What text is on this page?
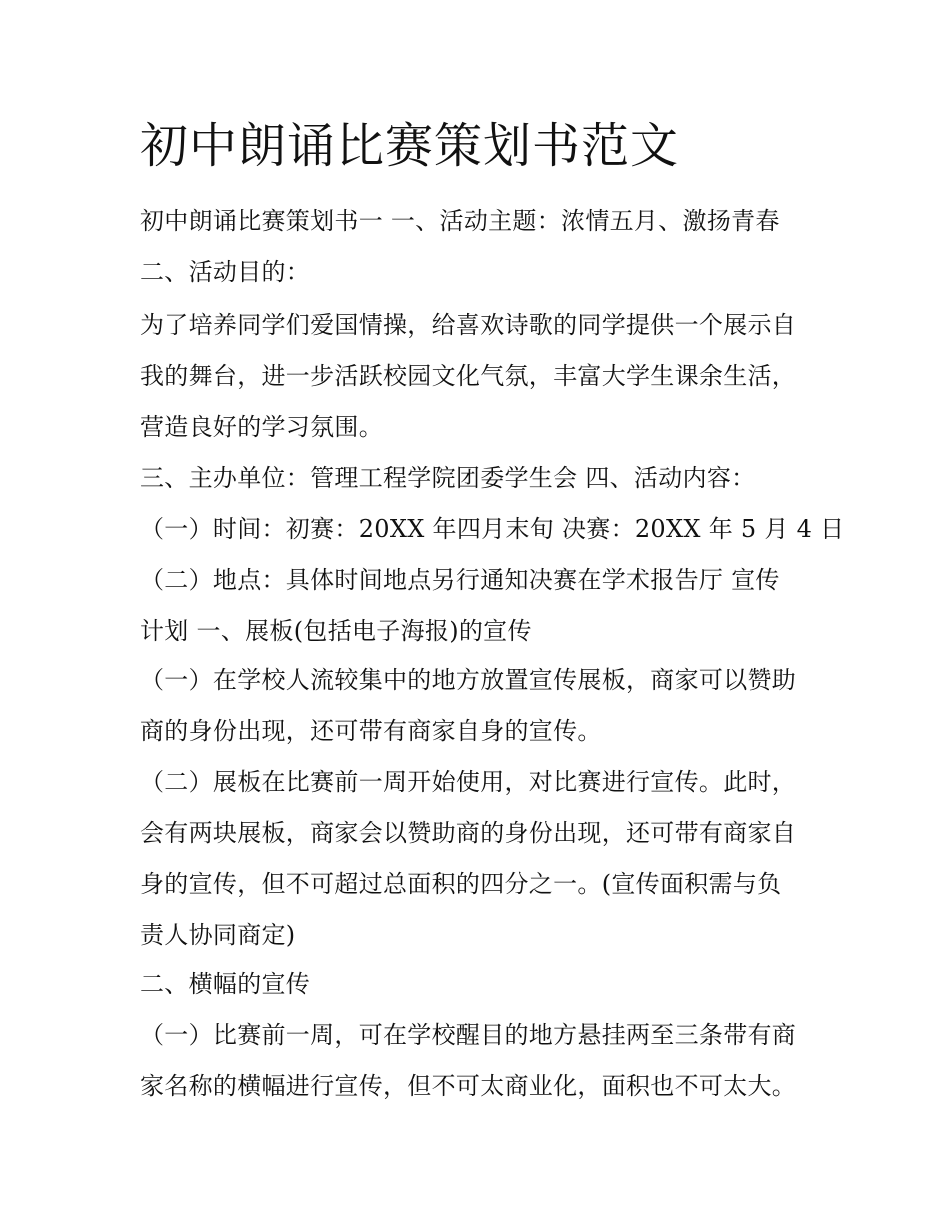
初中朗诵比赛策划书范文
初中朗诵比赛策划书一 一、活动主题：浓情五月、激扬青春
二、活动目的：
为了培养同学们爱国情操，给喜欢诗歌的同学提供一个展示自
我的舞台，进一步活跃校园文化气氛，丰富大学生课余生活，
营造良好的学习氛围。
三、主办单位：管理工程学院团委学生会 四、活动内容：
（一）时间：初赛：20XX 年四月末旬 决赛：20XX 年 5 月 4 日
（二）地点：具体时间地点另行通知决赛在学术报告厅 宣传
计划 一、展板(包括电子海报)的宣传
（一）在学校人流较集中的地方放置宣传展板，商家可以赞助
商的身份出现，还可带有商家自身的宣传。
（二）展板在比赛前一周开始使用，对比赛进行宣传。此时，
会有两块展板，商家会以赞助商的身份出现，还可带有商家自
身的宣传，但不可超过总面积的四分之一。(宣传面积需与负
责人协同商定)
二、横幅的宣传
（一）比赛前一周，可在学校醒目的地方悬挂两至三条带有商
家名称的横幅进行宣传，但不可太商业化，面积也不可太大。
